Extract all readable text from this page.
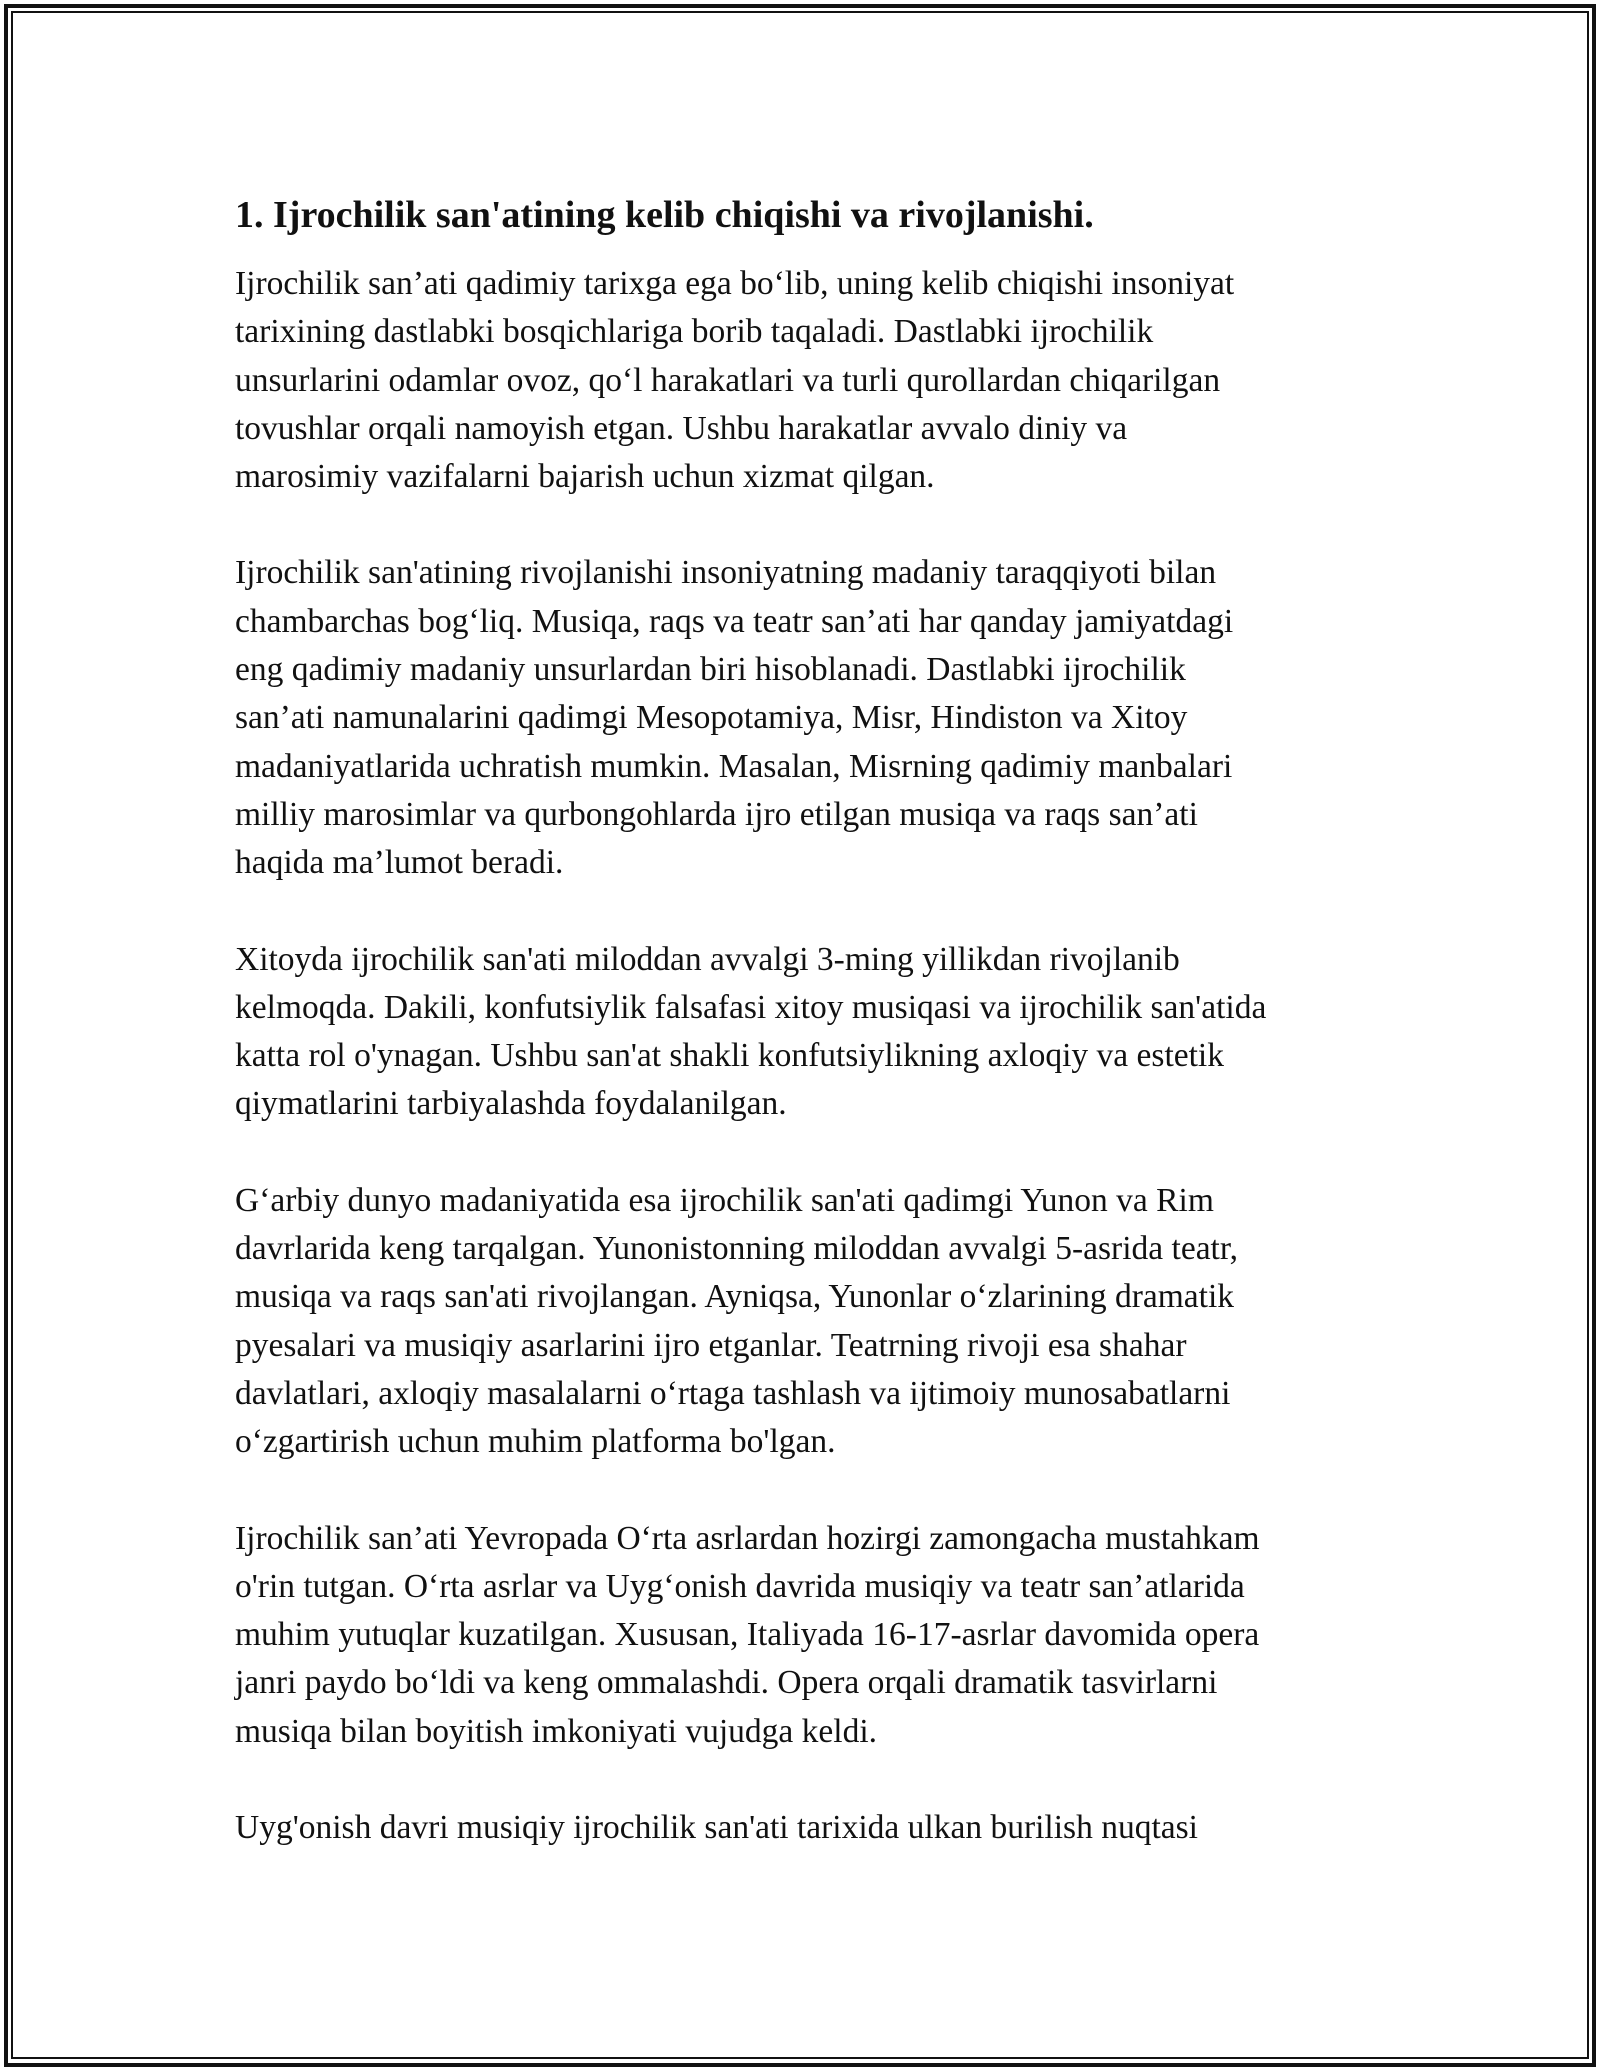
1. Ijrochilik san'atining kelib chiqishi va rivojlanishi.

Ijrochilik san’ati qadimiy tarixga ega bo‘lib, uning kelib chiqishi insoniyat
tarixining dastlabki bosqichlariga borib taqaladi. Dastlabki ijrochilik
unsurlarini odamlar ovoz, qo‘l harakatlari va turli qurollardan chiqarilgan
tovushlar orqali namoyish etgan. Ushbu harakatlar avvalo diniy va
marosimiy vazifalarni bajarish uchun xizmat qilgan.

Ijrochilik san'atining rivojlanishi insoniyatning madaniy taraqqiyoti bilan
chambarchas bog‘liq. Musiqa, raqs va teatr san’ati har qanday jamiyatdagi
eng qadimiy madaniy unsurlardan biri hisoblanadi. Dastlabki ijrochilik
san’ati namunalarini qadimgi Mesopotamiya, Misr, Hindiston va Xitoy
madaniyatlarida uchratish mumkin. Masalan, Misrning qadimiy manbalari
milliy marosimlar va qurbongohlarda ijro etilgan musiqa va raqs san’ati
haqida ma’lumot beradi.

Xitoyda ijrochilik san'ati miloddan avvalgi 3-ming yillikdan rivojlanib
kelmoqda. Dakili, konfutsiylik falsafasi xitoy musiqasi va ijrochilik san'atida
katta rol o'ynagan. Ushbu san'at shakli konfutsiylikning axloqiy va estetik
qiymatlarini tarbiyalashda foydalanilgan.

G‘arbiy dunyo madaniyatida esa ijrochilik san'ati qadimgi Yunon va Rim
davrlarida keng tarqalgan. Yunonistonning miloddan avvalgi 5-asrida teatr,
musiqa va raqs san'ati rivojlangan. Ayniqsa, Yunonlar o‘zlarining dramatik
pyesalari va musiqiy asarlarini ijro etganlar. Teatrning rivoji esa shahar
davlatlari, axloqiy masalalarni o‘rtaga tashlash va ijtimoiy munosabatlarni
o‘zgartirish uchun muhim platforma bo'lgan.

Ijrochilik san’ati Yevropada O‘rta asrlardan hozirgi zamongacha mustahkam
o'rin tutgan. O‘rta asrlar va Uyg‘onish davrida musiqiy va teatr san’atlarida
muhim yutuqlar kuzatilgan. Xususan, Italiyada 16-17-asrlar davomida opera
janri paydo bo‘ldi va keng ommalashdi. Opera orqali dramatik tasvirlarni
musiqa bilan boyitish imkoniyati vujudga keldi.

Uyg'onish davri musiqiy ijrochilik san'ati tarixida ulkan burilish nuqtasi
